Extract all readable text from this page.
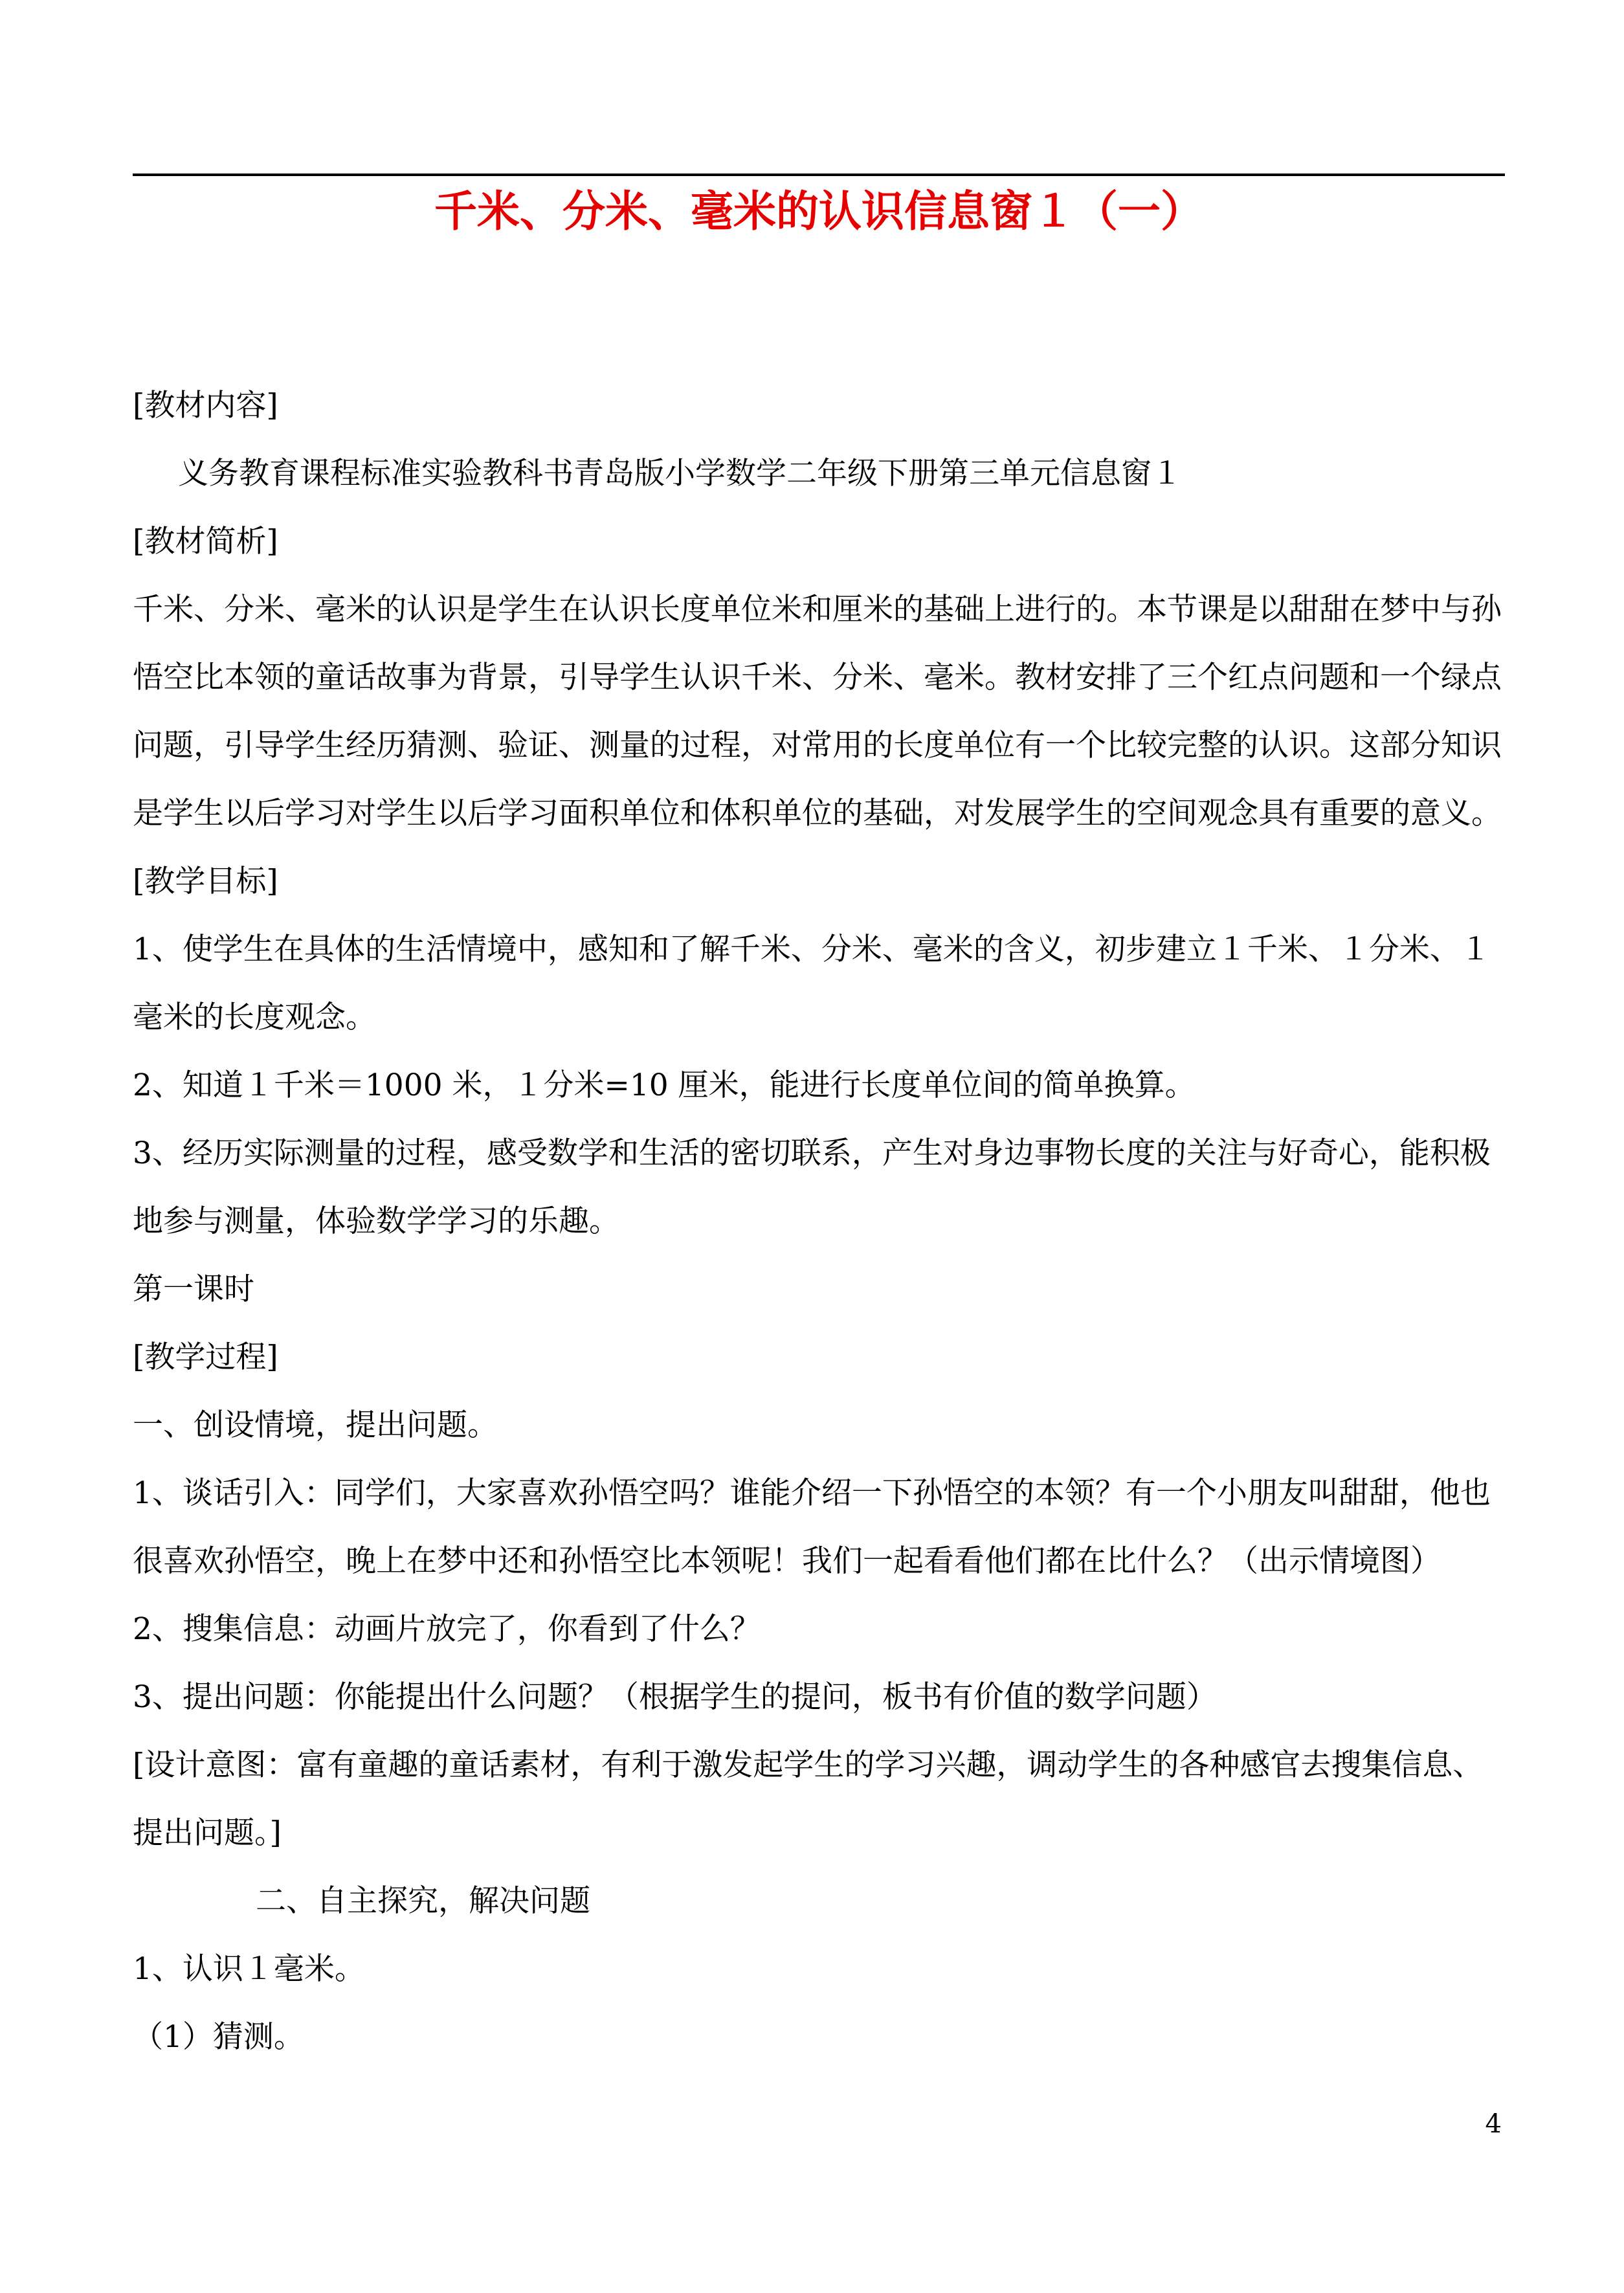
千米、分米、毫米的认识信息窗１（一）

[教材内容]

义务教育课程标准实验教科书青岛版小学数学二年级下册第三单元信息窗１

[教材简析]

千米、分米、毫米的认识是学生在认识长度单位米和厘米的基础上进行的。本节课是以甜甜在梦中与孙悟空比本领的童话故事为背景，引导学生认识千米、分米、毫米。教材安排了三个红点问题和一个绿点问题，引导学生经历猜测、验证、测量的过程，对常用的长度单位有一个比较完整的认识。这部分知识是学生以后学习对学生以后学习面积单位和体积单位的基础，对发展学生的空间观念具有重要的意义。

[教学目标]

1、使学生在具体的生活情境中，感知和了解千米、分米、毫米的含义，初步建立１千米、１分米、１毫米的长度观念。

2、知道１千米＝1000 米，１分米=10 厘米，能进行长度单位间的简单换算。

3、经历实际测量的过程，感受数学和生活的密切联系，产生对身边事物长度的关注与好奇心，能积极地参与测量，体验数学学习的乐趣。

第一课时

[教学过程]

一、创设情境，提出问题。

1、谈话引入：同学们，大家喜欢孙悟空吗？谁能介绍一下孙悟空的本领？有一个小朋友叫甜甜，他也很喜欢孙悟空，晚上在梦中还和孙悟空比本领呢！我们一起看看他们都在比什么？（出示情境图）

2、搜集信息：动画片放完了，你看到了什么？

3、提出问题：你能提出什么问题？（根据学生的提问，板书有价值的数学问题）

[设计意图：富有童趣的童话素材，有利于激发起学生的学习兴趣，调动学生的各种感官去搜集信息、提出问题。]

二、自主探究，解决问题

1、认识１毫米。

（1）猜测。

4
